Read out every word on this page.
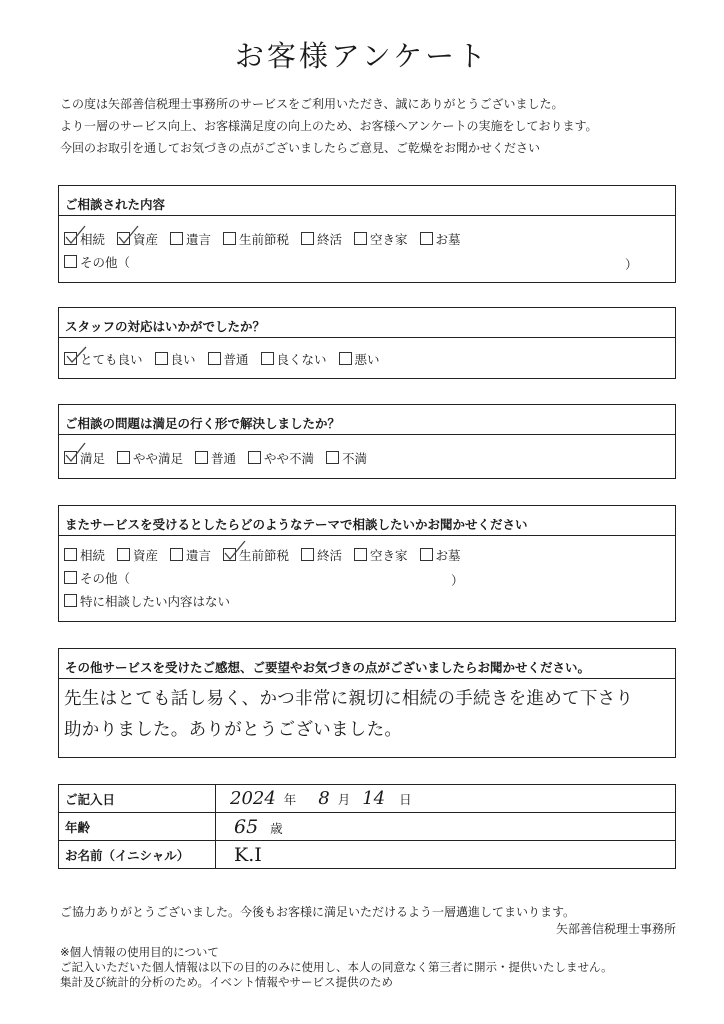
お客様アンケート
この度は矢部善信税理士事務所のサービスをご利用いただき、誠にありがとうございました。
より一層のサービス向上、お客様満足度の向上のため、お客様へアンケートの実施をしております。
今回のお取引を通してお気づきの点がございましたらご意見、ご乾燥をお聞かせください
ご相談された内容
相続 資産 遺言 生前節税 終活 空き家 お墓
その他（	）
スタッフの対応はいかがでしたか？
とても良い 良い 普通 良くない 悪い
ご相談の問題は満足の行く形で解決しましたか？
満足 やや満足 普通 やや不満 不満
またサービスを受けるとしたらどのようなテーマで相談したいかお聞かせください
相続 資産 遺言 生前節税 終活 空き家 お墓
その他（	）
特に相談したい内容はない
その他サービスを受けたご感想、ご要望やお気づきの点がございましたらお聞かせください。
先生はとても話し易く、かつ非常に親切に相続の手続きを進めて下さり
助かりました。ありがとうございました。
ご記入日	2024 年 8 月 14 日
年齢	65 歳
お名前（イニシャル）	K.I
ご協力ありがとうございました。今後もお客様に満足いただけるよう一層邁進してまいります。
矢部善信税理士事務所
※個人情報の使用目的について
ご記入いただいた個人情報は以下の目的のみに使用し、本人の同意なく第三者に開示・提供いたしません。
集計及び統計的分析のため。イベント情報やサービス提供のため
